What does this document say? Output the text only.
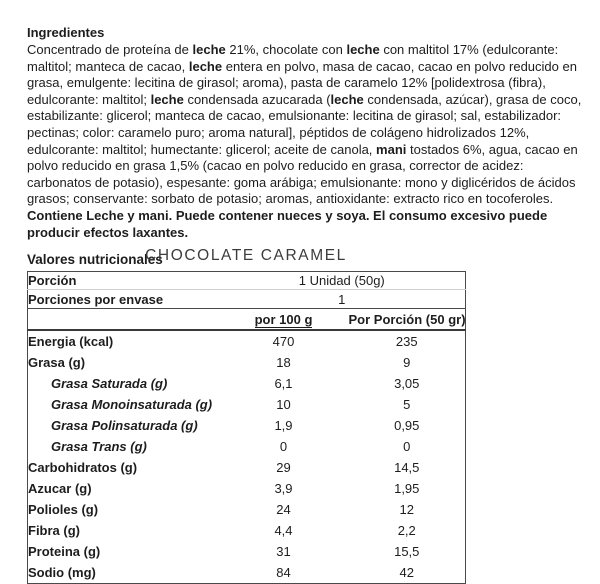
Ingredientes

Concentrado de proteína de leche 21%, chocolate con leche con maltitol 17% (edulcorante: maltitol; manteca de cacao, leche entera en polvo, masa de cacao, cacao en polvo reducido en grasa, emulgente: lecitina de girasol; aroma), pasta de caramelo 12% [polidextrosa (fibra), edulcorante: maltitol; leche condensada azucarada (leche condensada, azúcar), grasa de coco, estabilizante: glicerol; manteca de cacao, emulsionante: lecitina de girasol; sal, estabilizador: pectinas; color: caramelo puro; aroma natural], péptidos de colágeno hidrolizados 12%, edulcorante: maltitol; humectante: glicerol; aceite de canola, mani tostados 6%, agua, cacao en polvo reducido en grasa 1,5% (cacao en polvo reducido en grasa, corrector de acidez: carbonatos de potasio), espesante: goma arábiga; emulsionante: mono y diglicéridos de ácidos grasos; conservante: sorbato de potasio; aromas, antioxidante: extracto rico en tocoferoles. Contiene Leche y mani. Puede contener nueces y soya. El consumo excesivo puede producir efectos laxantes.

Valores nutricionales
CHOCOLATE CARAMEL
Porción	1 Unidad (50g)	
Porciones por envase	1	
	por 100 g	Por Porción (50 gr)
Energia (kcal)	470	235
Grasa (g)	18	9
Grasa Saturada (g)	6,1	3,05
Grasa Monoinsaturada (g)	10	5
Grasa Polinsaturada (g)	1,9	0,95
Grasa Trans (g)	0	0
Carbohidratos (g)	29	14,5
Azucar (g)	3,9	1,95
Polioles (g)	24	12
Fibra (g)	4,4	2,2
Proteina (g)	31	15,5
Sodio (mg)	84	42
